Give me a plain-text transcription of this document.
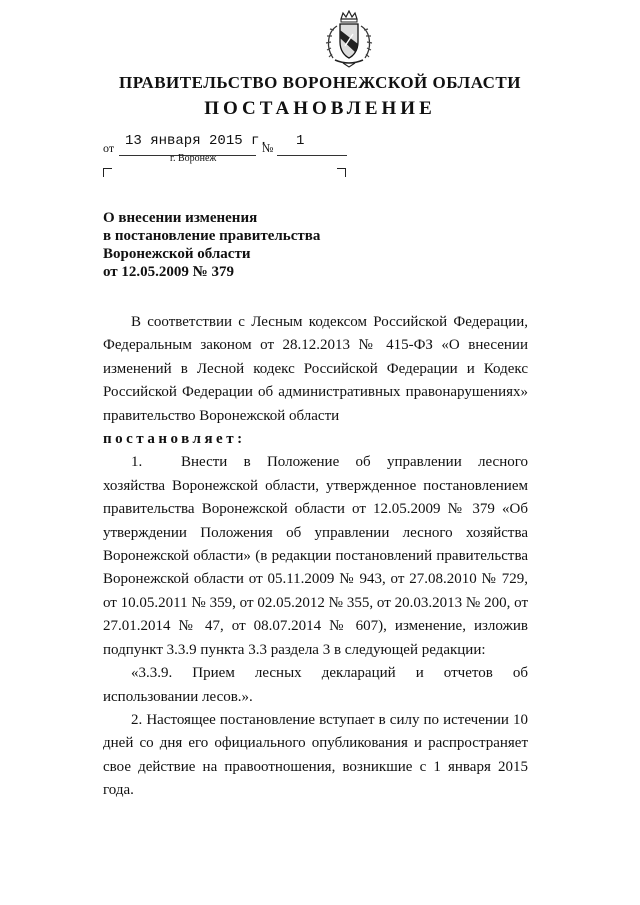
ПРАВИТЕЛЬСТВО ВОРОНЕЖСКОЙ ОБЛАСТИ
ПОСТАНОВЛЕНИЕ
от 13 января 2015 г.
№ 1
г. Воронеж
О внесении изменения
в постановление правительства
Воронежской области
от 12.05.2009 № 379

В соответствии с Лесным кодексом Российской Федерации, Федеральным законом от 28.12.2013 № 415-ФЗ «О внесении изменений в Лесной кодекс Российской Федерации и Кодекс Российской Федерации об административных правонарушениях» правительство Воронежской области

постановляет:

1.	Внести в Положение об управлении лесного хозяйства Воронежской области, утвержденное постановлением правительства Воронежской области от 12.05.2009 № 379 «Об утверждении Положения об управлении лесного хозяйства Воронежской области» (в редакции постановлений правительства Воронежской области от 05.11.2009 № 943, от 27.08.2010 № 729, от 10.05.2011 № 359, от 02.05.2012 № 355, от 20.03.2013 № 200, от 27.01.2014 № 47, от 08.07.2014 № 607), изменение, изложив подпункт 3.3.9 пункта 3.3 раздела 3 в следующей редакции:

«3.3.9. Прием лесных деклараций и отчетов об использовании лесов.».

2. Настоящее постановление вступает в силу по истечении 10 дней со дня его официального опубликования и распространяет свое действие на правоотношения, возникшие с 1 января 2015 года.
